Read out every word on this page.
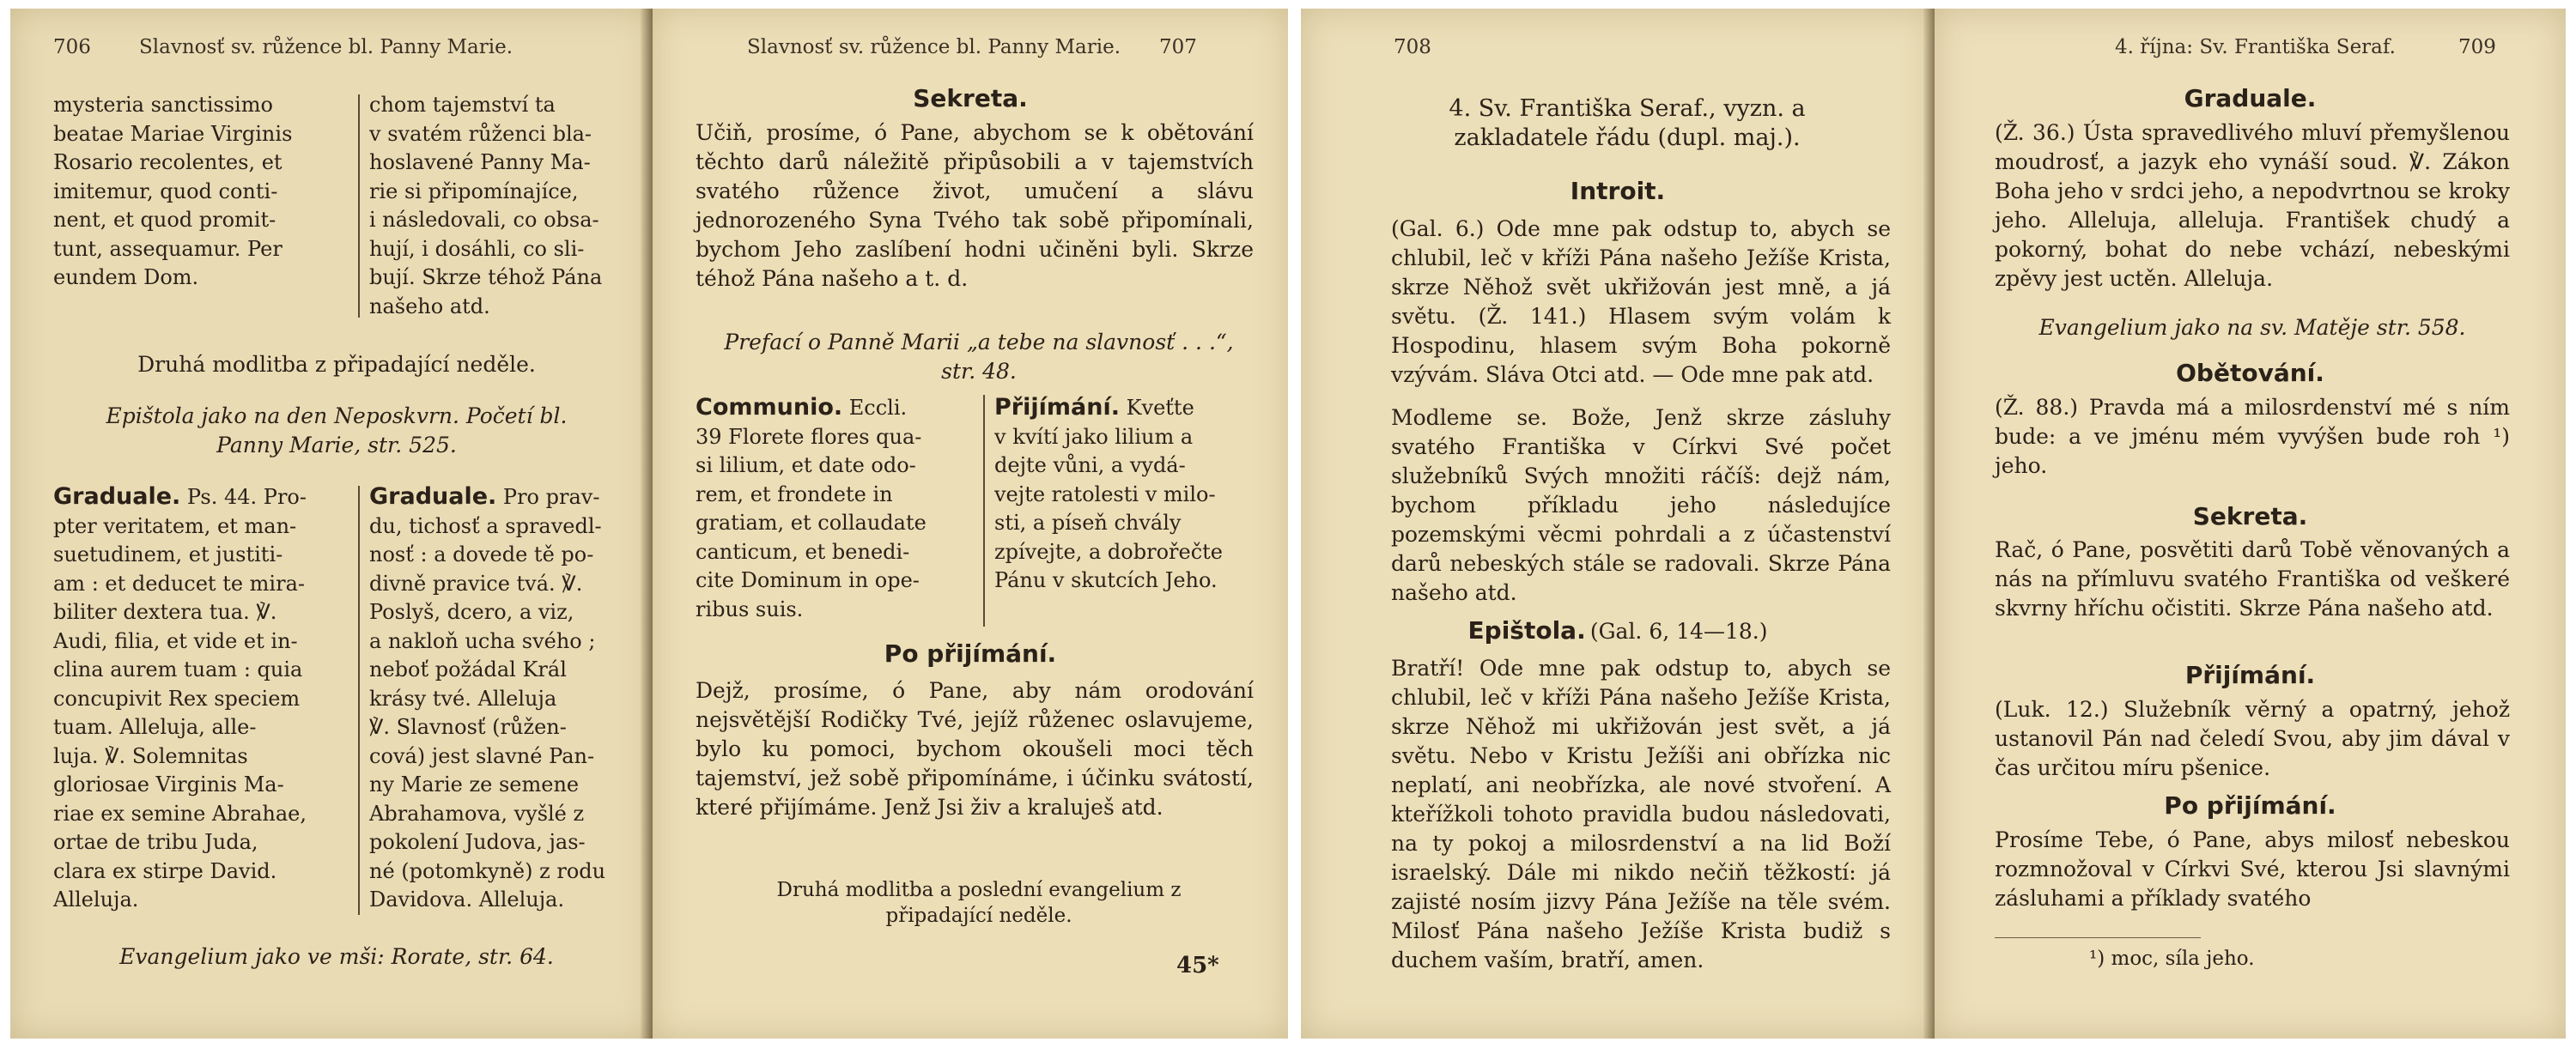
706 Slavnosť sv. růžence bl. Panny Marie.
mysteria sanctissimo
beatae Mariae Virginis
Rosario recolentes, et
imitemur, quod conti-
nent, et quod promit-
tunt, assequamur. Per
eundem Dom.
chom tajemství ta
v svatém růženci bla-
hoslavené Panny Ma-
rie si připomínajíce,
i následovali, co obsa-
hují, i dosáhli, co sli-
bují. Skrze téhož Pána
našeho atd.
Druhá modlitba z připadající neděle.
Epištola jako na den Neposkvrn. Početí bl. Panny Marie, str. 525.
Graduale. Ps. 44. Pro-
pter veritatem, et man-
suetudinem, et justiti-
am : et deducet te mira-
biliter dextera tua. ℣.
Audi, filia, et vide et in-
clina aurem tuam : quia
concupivit Rex speciem
tuam. Alleluja, alle-
luja. ℣. Solemnitas
gloriosae Virginis Ma-
riae ex semine Abrahae,
ortae de tribu Juda,
clara ex stirpe David.
Alleluja.
Graduale. Pro prav-
du, tichosť a spravedl-
nosť : a dovede tě po-
divně pravice tvá. ℣.
Poslyš, dcero, a viz,
a nakloň ucha svého ;
neboť požádal Král
krásy tvé. Alleluja
℣. Slavnosť (růžen-
cová) jest slavné Pan-
ny Marie ze semene
Abrahamova, vyšlé z
pokolení Judova, jas-
né (potomkyně) z rodu
Davidova. Alleluja.
Evangelium jako ve mši: Rorate, str. 64.
Slavnosť sv. růžence bl. Panny Marie. 707
Sekreta.
Učiň, prosíme, ó Pane, abychom se k obětování těchto darů náležitě připůsobili a v tajemstvích svatého růžence život, umučení a slávu jednorozeného Syna Tvého tak sobě připomínali, bychom Jeho zaslíbení hodni učiněni byli. Skrze téhož Pána našeho a t. d.
Prefací o Panně Marii „a tebe na slavnosť . . .“, str. 48.
Communio. Eccli.
39 Florete flores qua-
si lilium, et date odo-
rem, et frondete in
gratiam, et collaudate
canticum, et benedi-
cite Dominum in ope-
ribus suis.
Přijímání. Kveťte
v kvítí jako lilium a
dejte vůni, a vydá-
vejte ratolesti v milo-
sti, a píseň chvály
zpívejte, a dobrořečte
Pánu v skutcích Jeho.
Po přijímání.
Dejž, prosíme, ó Pane, aby nám orodování nejsvětější Rodičky Tvé, jejíž růženec oslavujeme, bylo ku pomoci, bychom okoušeli moci těch tajemství, jež sobě připomínáme, i účinku svátostí, které přijímáme. Jenž Jsi živ a kraluješ atd.
Druhá modlitba a poslední evangelium z připadající neděle.
45*
708
4. Sv. Františka Seraf., vyzn. a zakladatele řádu (dupl. maj.).
Introit.
(Gal. 6.) Ode mne pak odstup to, abych se chlubil, leč v kříži Pána našeho Ježíše Krista, skrze Něhož svět ukřižován jest mně, a já světu. (Ž. 141.) Hlasem svým volám k Hospodinu, hlasem svým Boha pokorně vzývám. Sláva Otci atd. — Ode mne pak atd.
Modleme se. Bože, Jenž skrze zásluhy svatého Františka v Církvi Své počet služebníků Svých množiti ráčíš: dejž nám, bychom příkladu jeho následujíce pozemskými věcmi pohrdali a z účastenství darů nebeských stále se radovali. Skrze Pána našeho atd.
Epištola. (Gal. 6, 14—18.)
Bratří! Ode mne pak odstup to, abych se chlubil, leč v kříži Pána našeho Ježíše Krista, skrze Něhož mi ukřižován jest svět, a já světu. Nebo v Kristu Ježíši ani obřízka nic neplatí, ani neobřízka, ale nové stvoření. A kteřížkoli tohoto pravidla budou následovati, na ty pokoj a milosrdenství a na lid Boží israelský. Dále mi nikdo nečiň těžkostí: já zajisté nosím jizvy Pána Ježíše na těle svém. Milosť Pána našeho Ježíše Krista budiž s duchem vaším, bratří, amen.
4. října: Sv. Františka Seraf.	709
Graduale.
(Ž. 36.) Ústa spravedlivého mluví přemyšlenou moudrosť, a jazyk eho vynáší soud. ℣. Zákon Boha jeho v srdci jeho, a nepodvrtnou se kroky jeho. Alleluja, alleluja. František chudý a pokorný, bohat do nebe vchází, nebeskými zpěvy jest uctěn. Alleluja.
Evangelium jako na sv. Matěje str. 558.
Obětování.
(Ž. 88.) Pravda má a milosrdenství mé s ním bude: a ve jménu mém vyvýšen bude roh ¹) jeho.
Sekreta.
Rač, ó Pane, posvětiti darů Tobě věnovaných a nás na přímluvu svatého Františka od veškeré skvrny hříchu očistiti. Skrze Pána našeho atd.
Přijímání.
(Luk. 12.) Služebník věrný a opatrný, jehož ustanovil Pán nad čeledí Svou, aby jim dával v čas určitou míru pšenice.
Po přijímání.
Prosíme Tebe, ó Pane, abys milosť nebeskou rozmnožoval v Církvi Své, kterou Jsi slavnými zásluhami a příklady svatého
¹) moc, síla jeho.
